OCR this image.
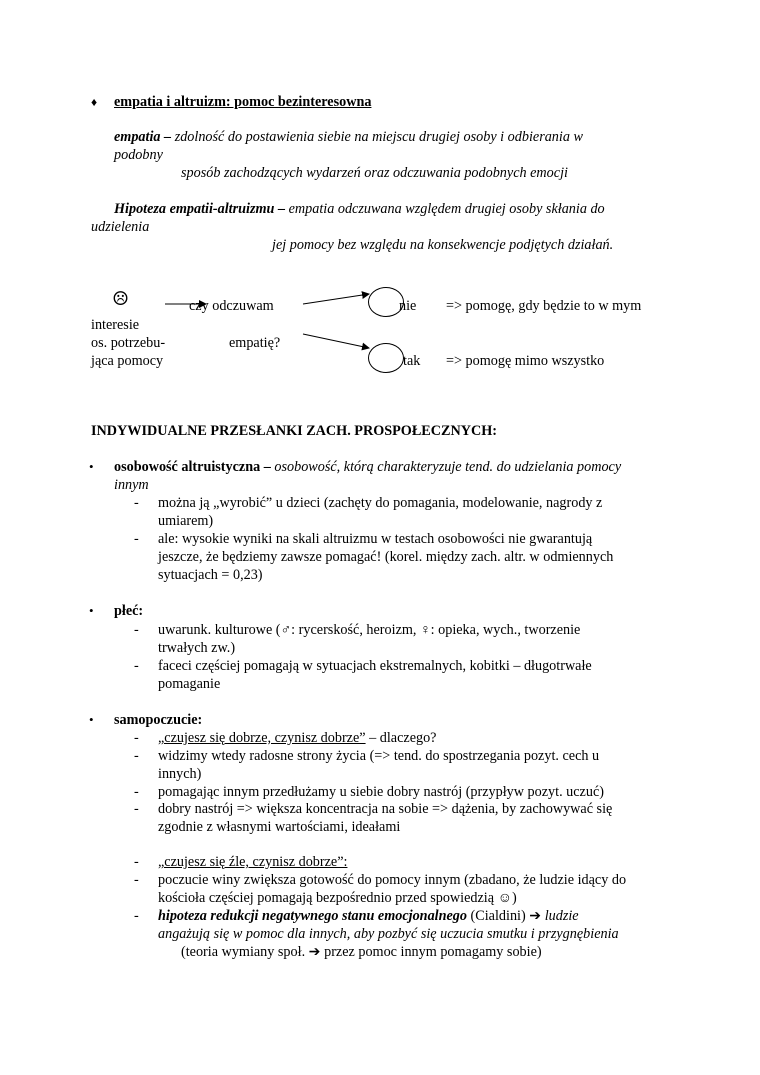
♦ empatia i altruizm: pomoc bezinteresowna
empatia – zdolność do postawienia siebie na miejscu drugiej osoby i odbierania w
podobny
sposób zachodzących wydarzeń oraz odczuwania podobnych emocji
Hipoteza empatii-altruizmu – empatia odczuwana względem drugiej osoby skłania do
udzielenia
jej pomocy bez względu na konsekwencje podjętych działań.
☹	czy odczuwam	nie => pomogę, gdy będzie to w mym
interesie
os. potrzebu-	empatię?
jąca pomocy	tak => pomogę mimo wszystko
INDYWIDUALNE PRZESŁANKI ZACH. PROSPOŁECZNYCH:
• osobowość altruistyczna – osobowość, którą charakteryzuje tend. do udzielania pomocy
innym
- można ją „wyrobić” u dzieci (zachęty do pomagania, modelowanie, nagrody z
umiarem)
- ale: wysokie wyniki na skali altruizmu w testach osobowości nie gwarantują
jeszcze, że będziemy zawsze pomagać! (korel. między zach. altr. w odmiennych
sytuacjach = 0,23)
• płeć:
- uwarunk. kulturowe (♂: rycerskość, heroizm, ♀: opieka, wych., tworzenie
trwałych zw.)
- faceci częściej pomagają w sytuacjach ekstremalnych, kobitki – długotrwałe
pomaganie
• samopoczucie:
- „czujesz się dobrze, czynisz dobrze” – dlaczego?
- widzimy wtedy radosne strony życia (=> tend. do spostrzegania pozyt. cech u
innych)
- pomagając innym przedłużamy u siebie dobry nastrój (przypływ pozyt. uczuć)
- dobry nastrój => większa koncentracja na sobie => dążenia, by zachowywać się
zgodnie z własnymi wartościami, ideałami
- „czujesz się źle, czynisz dobrze”:
- poczucie winy zwiększa gotowość do pomocy innym (zbadano, że ludzie idący do
kościoła częściej pomagają bezpośrednio przed spowiedzią ☺)
- hipoteza redukcji negatywnego stanu emocjonalnego (Cialdini) ➔ ludzie
angażują się w pomoc dla innych, aby pozbyć się uczucia smutku i przygnębienia
(teoria wymiany społ. ➔ przez pomoc innym pomagamy sobie)
